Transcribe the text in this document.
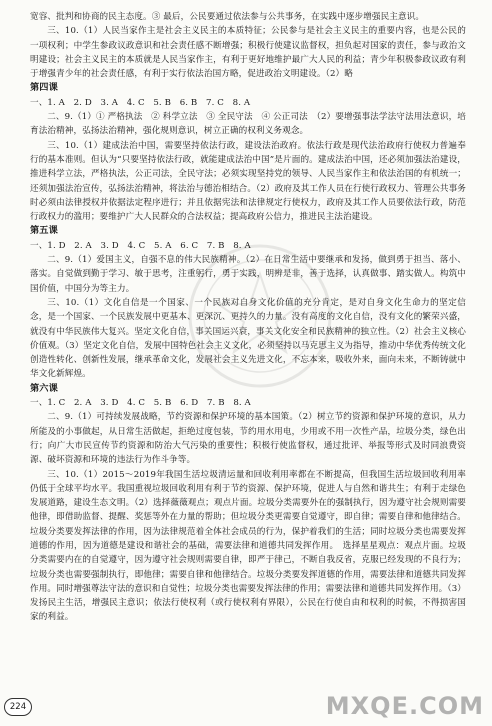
宽容、批判和协商的民主态度。③ 最后，公民要通过依法参与公共事务，在实践中逐步增强民主意识。

三、10.（1）人民当家作主是社会主义民主的本质特征；公民参与是社会主义民主的重要内容，也是公民的一项权利；中学生参政议政意识和社会责任感不断增强；积极行使建议监督权，担负起对国家的责任，参与政治文明建设；社会主义民主的本质就是人民当家作主，有利于更好地维护最广大人民的利益；青少年积极参政议政有利于增强青少年的社会责任感，有利于实行依法治国方略，促进政治文明建设。（2）略

第四课

一、1. A　2. D　3. A　4. C　5. B　6. B　7. C　8. A

二、9.（1）① 严格执法　② 科学立法　③ 全民守法　④ 公正司法　（2）要增强事法学法守法用法意识，培育法治精神，弘扬法治精神，强化规则意识，树立正确的权利义务观念。

三、10.（1）建成法治中国，需要坚持依法行政，建设法治政府。依法行政是现代法治政府行使权力普遍奉行的基本准则。但认为“只要坚持依法行政，就能建成法治中国”是片面的。建成法治中国，还必须加强法治建设，推进科学立法，严格执法，公正司法，全民守法；必须实现坚持党的领导、人民当家作主和依法治国的有机统一；还须加强法治宣传，弘扬法治精神，将法治与德治相结合。（2）政府及其工作人员在行使行政权力、管理公共事务时必须由法律授权并依据法定程序进行；并且依据宪法和法律规定行使权力，政府及其工作人员要依法行政，防范行政权力的滥用；要维护广大人民群众的合法权益；提高政府公信力，推进民主法治建设。

第五课

一、1. D　2. A　3. D　4. C　5. A　6. C　7. B　8. A

二、9.（1）爱国主义，自强不息的伟大民族精神。（2）在日常生活中要继承和发扬，做到勇于担当、落小、落实。自觉做到勤于学习、敏于思考，注重躬行，勇于实践，明辨是非，善于选择，认真做事、踏实做人。构筑中国价值，中国分为等主力。

三、10.（1）文化自信是一个国家、一个民族对自身文化价值的充分肯定，是对自身文化生命力的坚定信念，是一个国家、一个民族发展中更基本、更深沉、更持久的力量。没有高度的文化自信，没有文化的繁荣兴盛，就没有中华民族伟大复兴。坚定文化自信，事关国运兴衰，事关文化安全和民族精神的独立性。（2）社会主义核心价值观。（3）坚定文化自信，发展中国特色社会主义文化，必须坚持以马克思主义为指导，推动中华优秀传统文化创造性转化、创新性发展，继承革命文化，发展社会主义先进文化，不忘本来，吸收外来，面向未来，不断铸就中华文化新辉煌。

第六课

一、1. C　2. A　3. D　4. C　5. B　6. D　7. B　8. A

二、9.（1）可持续发展战略，节约资源和保护环境的基本国策。（2）树立节约资源和保护环境的意识，从力所能及的小事做起，从日常生活做起，拒绝过度包装，节约用水用电，少用或不用一次性产品，垃圾分类，绿色出行；向广大市民宣传节约资源和防治大气污染的重要性；积极行使监督权，通过批评、举报等形式及时同浪费资源、破坏资源和环境的违法行为作斗争等。

三、10.（1）2015～2019年我国生活垃圾清运量和回收利用率都在不断提高，但我国生活垃圾回收利用率仍低于全球平均水平。我国重视垃圾回收利用有利于节约资源、保护环境，促进人与自然和谐共生；有利于走绿色发展道路，建设生态文明。（2）选择薇薇观点；观点片面。垃圾分类需要外在的强制执行，因为遵守社会规则需要他律，即借助监督、提醒、奖惩等外在力量的帮助；但垃圾分类更需要自觉遵守，即自律；需要自律和他律结合。垃圾分类要发挥法律的作用，因为法律规范着全体社会成员的行为，保护着我们的生活；同时垃圾分类也需要发挥道德的作用，因为道德是建设和谐社会的基础，需要法律和道德共同发挥作用。　选择星星观点：观点片面。垃圾分类需要内在的自觉遵守，因为遵守社会规则需要自律，即严于律己，不断自我反省，克服已经发现的不良行为；垃圾分类也需要强制执行，即他律；需要自律和他律结合。垃圾分类要发挥道德的作用，需要法律和道德共同发挥作用。同时增强尊法守法的意识和自觉性；垃圾分类也需要发挥法律的作用；需要法律和道德共同发挥作用。（3）发扬民主生活，增强民主意识；依法行使权利（或行使权利有界限），公民在行使自由和权利的时候，不得损害国家的利益。

224	MXQE.COM
